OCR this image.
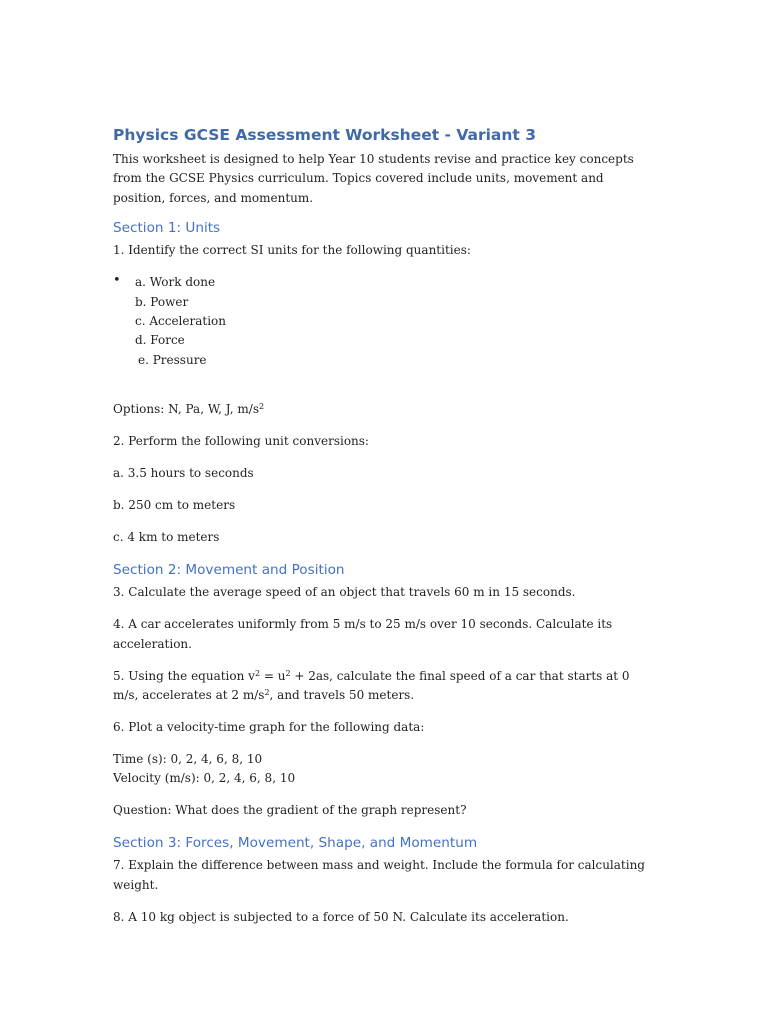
Physics GCSE Assessment Worksheet - Variant 3

This worksheet is designed to help Year 10 students revise and practice key concepts from the GCSE Physics curriculum. Topics covered include units, movement and position, forces, and momentum.

Section 1: Units

1. Identify the correct SI units for the following quantities:

• a. Work done
b. Power
c. Acceleration
d. Force
e. Pressure

Options: N, Pa, W, J, $m/s^2$

2. Perform the following unit conversions:

a. 3.5 hours to seconds

b. 250 cm to meters

c. 4 km to meters

Section 2: Movement and Position

3. Calculate the average speed of an object that travels 60 m in 15 seconds.

4. A car accelerates uniformly from 5 m/s to 25 m/s over 10 seconds. Calculate its acceleration.

5. Using the equation $v^2 = u^2 + 2as$, calculate the final speed of a car that starts at 0 m/s, accelerates at 2 $m/s^2$, and travels 50 meters.

6. Plot a velocity-time graph for the following data:

Time (s): 0, 2, 4, 6, 8, 10

Velocity (m/s): 0, 2, 4, 6, 8, 10

Question: What does the gradient of the graph represent?

Section 3: Forces, Movement, Shape, and Momentum

7. Explain the difference between mass and weight. Include the formula for calculating weight.

8. A 10 kg object is subjected to a force of 50 N. Calculate its acceleration.
